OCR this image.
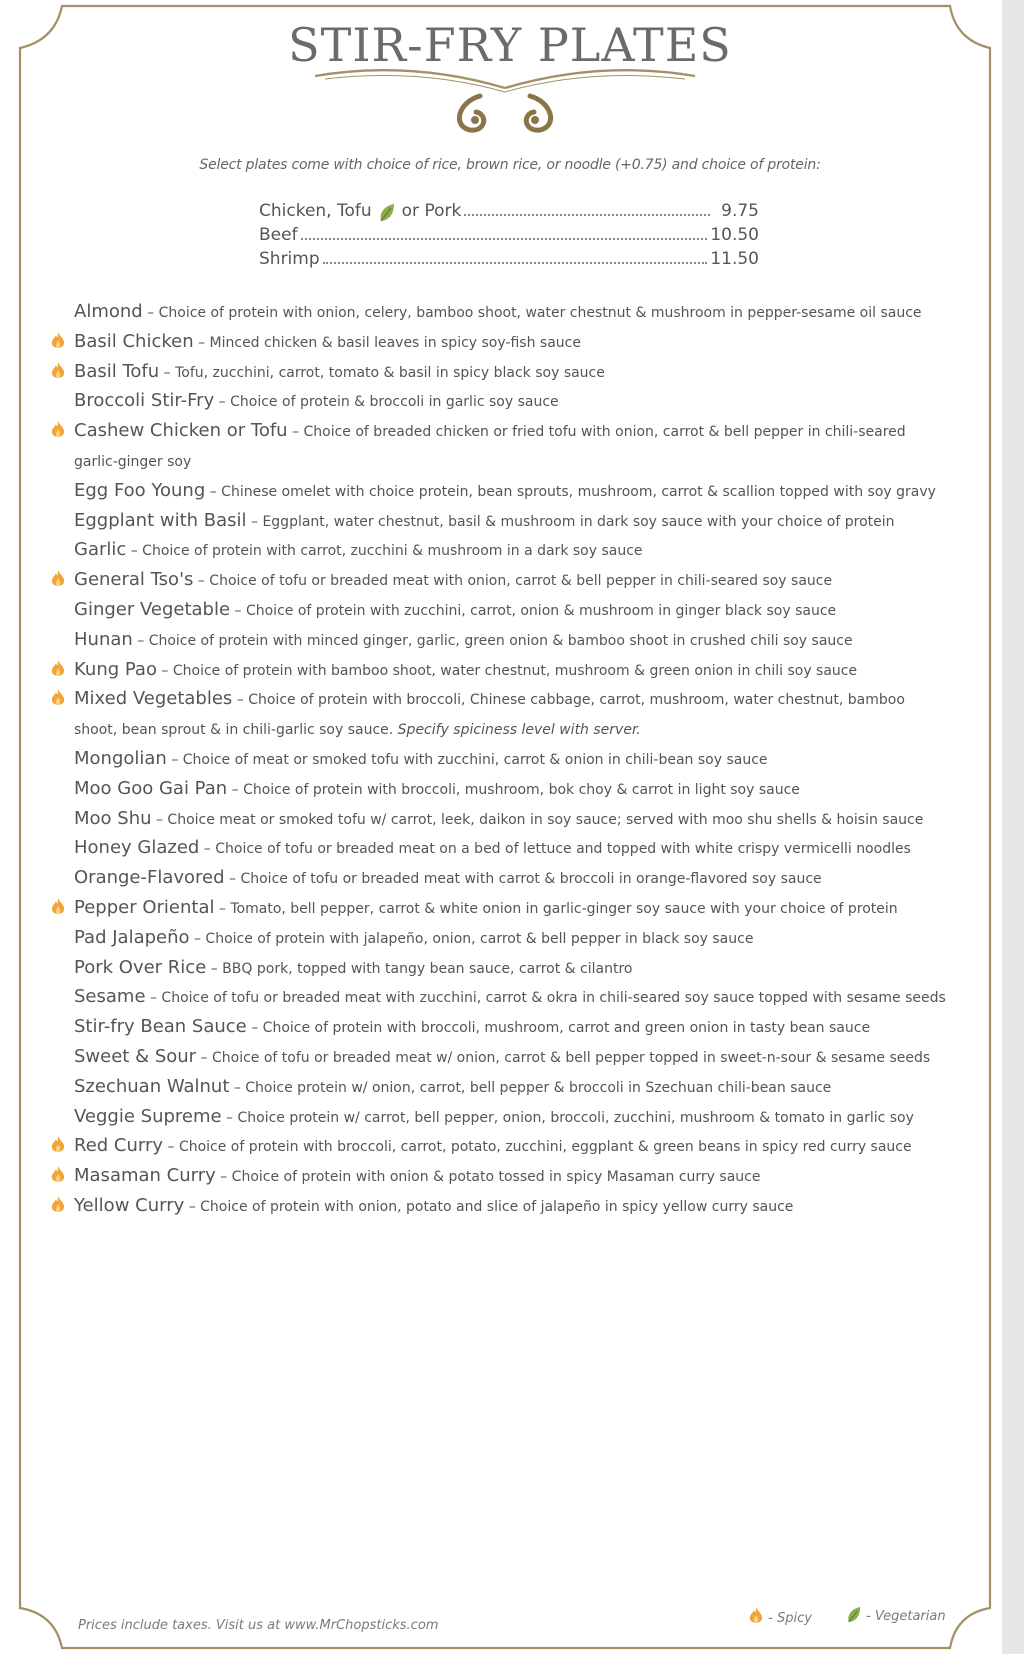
STIR-FRY PLATES
Select plates come with choice of rice, brown rice, or noodle (+0.75) and choice of protein:
Chicken, Tofu or Pork	9.75
Beef	10.50
Shrimp	11.50
Almond – Choice of protein with onion, celery, bamboo shoot, water chestnut & mushroom in pepper-sesame oil sauce
Basil Chicken – Minced chicken & basil leaves in spicy soy-fish sauce
Basil Tofu – Tofu, zucchini, carrot, tomato & basil in spicy black soy sauce
Broccoli Stir-Fry – Choice of protein & broccoli in garlic soy sauce
Cashew Chicken or Tofu – Choice of breaded chicken or fried tofu with onion, carrot & bell pepper in chili-seared
garlic-ginger soy
Egg Foo Young – Chinese omelet with choice protein, bean sprouts, mushroom, carrot & scallion topped with soy gravy
Eggplant with Basil – Eggplant, water chestnut, basil & mushroom in dark soy sauce with your choice of protein
Garlic – Choice of protein with carrot, zucchini & mushroom in a dark soy sauce
General Tso's – Choice of tofu or breaded meat with onion, carrot & bell pepper in chili-seared soy sauce
Ginger Vegetable – Choice of protein with zucchini, carrot, onion & mushroom in ginger black soy sauce
Hunan – Choice of protein with minced ginger, garlic, green onion & bamboo shoot in crushed chili soy sauce
Kung Pao – Choice of protein with bamboo shoot, water chestnut, mushroom & green onion in chili soy sauce
Mixed Vegetables – Choice of protein with broccoli, Chinese cabbage, carrot, mushroom, water chestnut, bamboo
shoot, bean sprout & in chili-garlic soy sauce. Specify spiciness level with server.
Mongolian – Choice of meat or smoked tofu with zucchini, carrot & onion in chili-bean soy sauce
Moo Goo Gai Pan – Choice of protein with broccoli, mushroom, bok choy & carrot in light soy sauce
Moo Shu – Choice meat or smoked tofu w/ carrot, leek, daikon in soy sauce; served with moo shu shells & hoisin sauce
Honey Glazed – Choice of tofu or breaded meat on a bed of lettuce and topped with white crispy vermicelli noodles
Orange-Flavored – Choice of tofu or breaded meat with carrot & broccoli in orange-flavored soy sauce
Pepper Oriental – Tomato, bell pepper, carrot & white onion in garlic-ginger soy sauce with your choice of protein
Pad Jalapeño – Choice of protein with jalapeño, onion, carrot & bell pepper in black soy sauce
Pork Over Rice – BBQ pork, topped with tangy bean sauce, carrot & cilantro
Sesame – Choice of tofu or breaded meat with zucchini, carrot & okra in chili-seared soy sauce topped with sesame seeds
Stir-fry Bean Sauce – Choice of protein with broccoli, mushroom, carrot and green onion in tasty bean sauce
Sweet & Sour – Choice of tofu or breaded meat w/ onion, carrot & bell pepper topped in sweet-n-sour & sesame seeds
Szechuan Walnut – Choice protein w/ onion, carrot, bell pepper & broccoli in Szechuan chili-bean sauce
Veggie Supreme – Choice protein w/ carrot, bell pepper, onion, broccoli, zucchini, mushroom & tomato in garlic soy
Red Curry – Choice of protein with broccoli, carrot, potato, zucchini, eggplant & green beans in spicy red curry sauce
Masaman Curry – Choice of protein with onion & potato tossed in spicy Masaman curry sauce
Yellow Curry – Choice of protein with onion, potato and slice of jalapeño in spicy yellow curry sauce
Prices include taxes. Visit us at www.MrChopsticks.com	- Spicy	- Vegetarian
